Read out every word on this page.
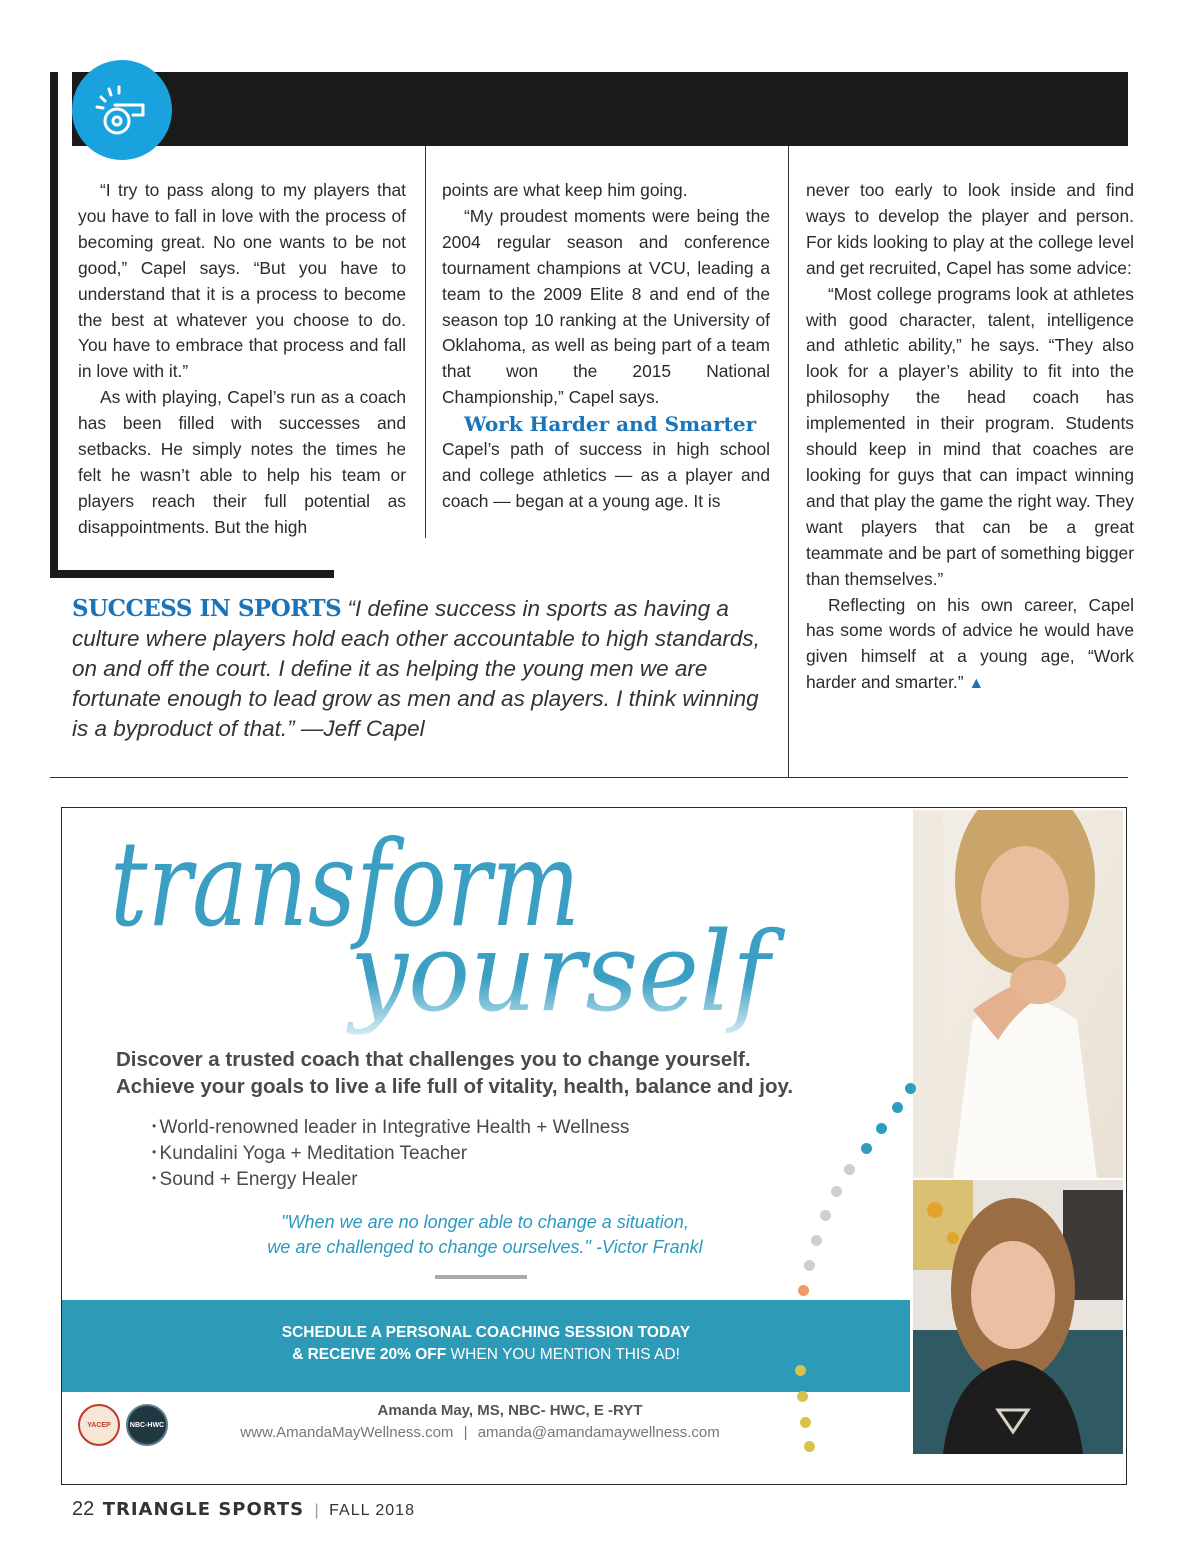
“I try to pass along to my players that you have to fall in love with the process of becoming great. No one wants to be not good,” Capel says. “But you have to understand that it is a process to become the best at whatever you choose to do. You have to embrace that process and fall in love with it.”

As with playing, Capel’s run as a coach has been filled with successes and setbacks. He simply notes the times he felt he wasn’t able to help his team or players reach their full potential as disappointments. But the high

points are what keep him going.

“My proudest moments were being the 2004 regular season and conference tournament champions at VCU, leading a team to the 2009 Elite 8 and end of the season top 10 ranking at the University of Oklahoma, as well as being part of a team that won the 2015 National Championship,” Capel says.

Work Harder and Smarter

Capel’s path of success in high school and college athletics — as a player and coach — began at a young age. It is

never too early to look inside and find ways to develop the player and person. For kids looking to play at the college level and get recruited, Capel has some advice:

“Most college programs look at athletes with good character, talent, intelligence and athletic ability,” he says. “They also look for a player’s ability to fit into the philosophy the head coach has implemented in their program. Students should keep in mind that coaches are looking for guys that can impact winning and that play the game the right way. They want players that can be a great teammate and be part of something bigger than themselves.”

Reflecting on his own career, Capel has some words of advice he would have given himself at a young age, “Work harder and smarter.” ▲

SUCCESS IN SPORTS “I define success in sports as having a culture where players hold each other accountable to high standards, on and off the court. I define it as helping the young men we are fortunate enough to lead grow as men and as players. I think winning is a byproduct of that.” —Jeff Capel
transform
yourself
Discover a trusted coach that challenges you to change yourself.
Achieve your goals to live a life full of vitality, health, balance and joy.
• World-renowned leader in Integrative Health + Wellness
• Kundalini Yoga + Meditation Teacher
• Sound + Energy Healer
"When we are no longer able to change a situation,
we are challenged to change ourselves." -Victor Frankl
SCHEDULE A PERSONAL COACHING SESSION TODAY
& RECEIVE 20% OFF WHEN YOU MENTION THIS AD!
YACEP	NBC-HWC
Amanda May, MS, NBC- HWC, E -RYT
www.AmandaMayWellness.com | amanda@amandamaywellness.com
22 TRIANGLE SPORTS | FALL 2018
